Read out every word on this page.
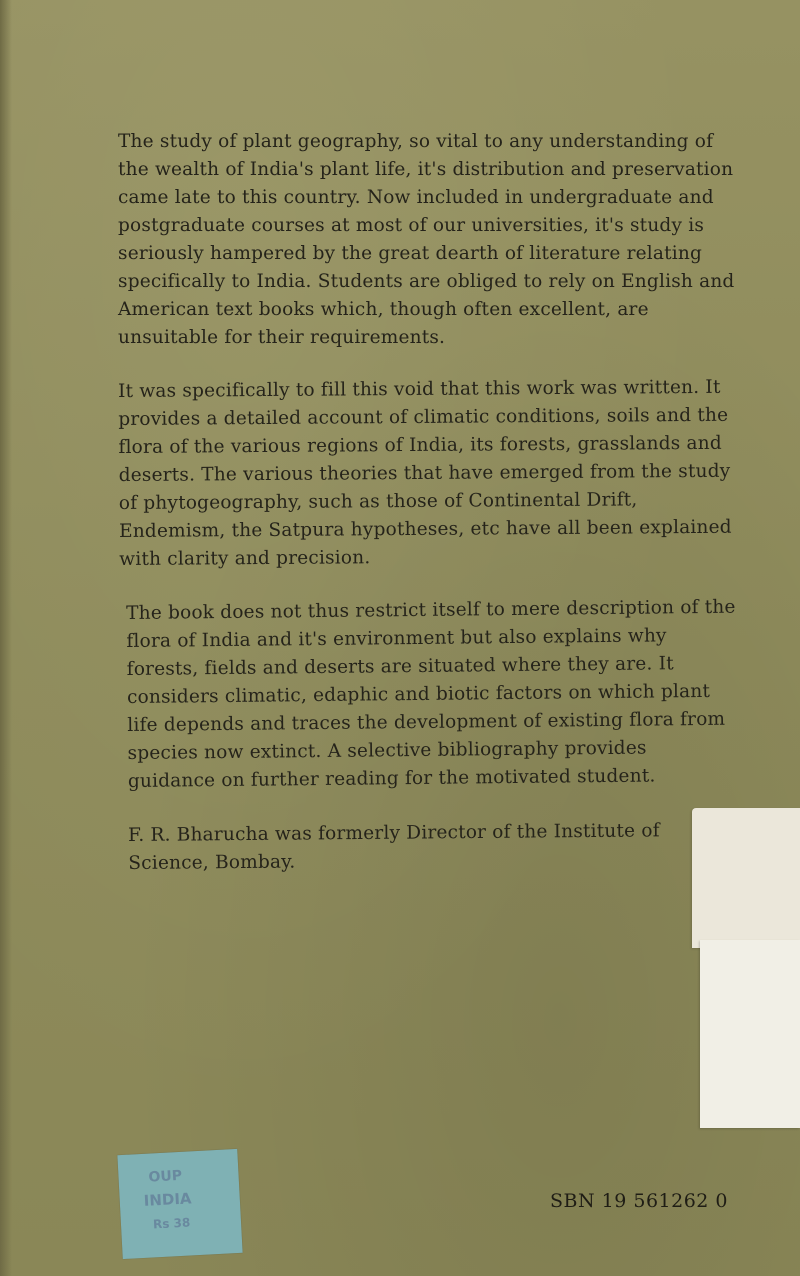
The study of plant geography, so vital to any understanding of the wealth of India's plant life, it's distribution and preservation came late to this country. Now included in undergraduate and postgraduate courses at most of our universities, it's study is seriously hampered by the great dearth of literature relating specifically to India. Students are obliged to rely on English and American text books which, though often excellent, are unsuitable for their requirements.

It was specifically to fill this void that this work was written. It provides a detailed account of climatic conditions, soils and the flora of the various regions of India, its forests, grasslands and deserts. The various theories that have emerged from the study of phytogeography, such as those of Continental Drift, Endemism, the Satpura hypotheses, etc have all been explained with clarity and precision.

The book does not thus restrict itself to mere description of the flora of India and it's environment but also explains why forests, fields and deserts are situated where they are. It considers climatic, edaphic and biotic factors on which plant life depends and traces the development of existing flora from species now extinct. A selective bibliography provides guidance on further reading for the motivated student.

F. R. Bharucha was formerly Director of the Institute of Science, Bombay.

OUP
INDIA
Rs 38
SBN 19 561262 0
